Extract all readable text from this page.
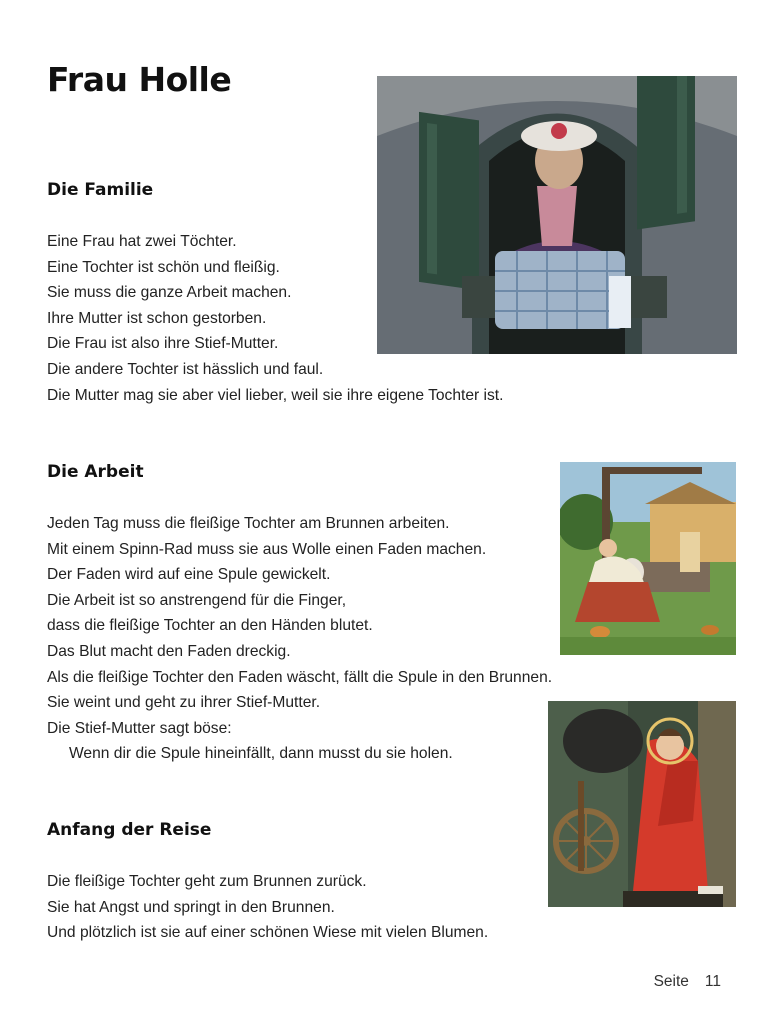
Frau Holle
Die Familie
Eine Frau hat zwei Töchter.
Eine Tochter ist schön und fleißig.
Sie muss die ganze Arbeit machen.
Ihre Mutter ist schon gestorben.
Die Frau ist also ihre Stief-Mutter.
Die andere Tochter ist hässlich und faul.
Die Mutter mag sie aber viel lieber, weil sie ihre eigene Tochter ist.
Die Arbeit
Jeden Tag muss die fleißige Tochter am Brunnen arbeiten.
Mit einem Spinn-Rad muss sie aus Wolle einen Faden machen.
Der Faden wird auf eine Spule gewickelt.
Die Arbeit ist so anstrengend für die Finger,
dass die fleißige Tochter an den Händen blutet.
Das Blut macht den Faden dreckig.
Als die fleißige Tochter den Faden wäscht, fällt die Spule in den Brunnen.
Sie weint und geht zu ihrer Stief-Mutter.
Die Stief-Mutter sagt böse:
Wenn dir die Spule hineinfällt, dann musst du sie holen.
Anfang der Reise
Die fleißige Tochter geht zum Brunnen zurück.
Sie hat Angst und springt in den Brunnen.
Und plötzlich ist sie auf einer schönen Wiese mit vielen Blumen.
Seite 11
